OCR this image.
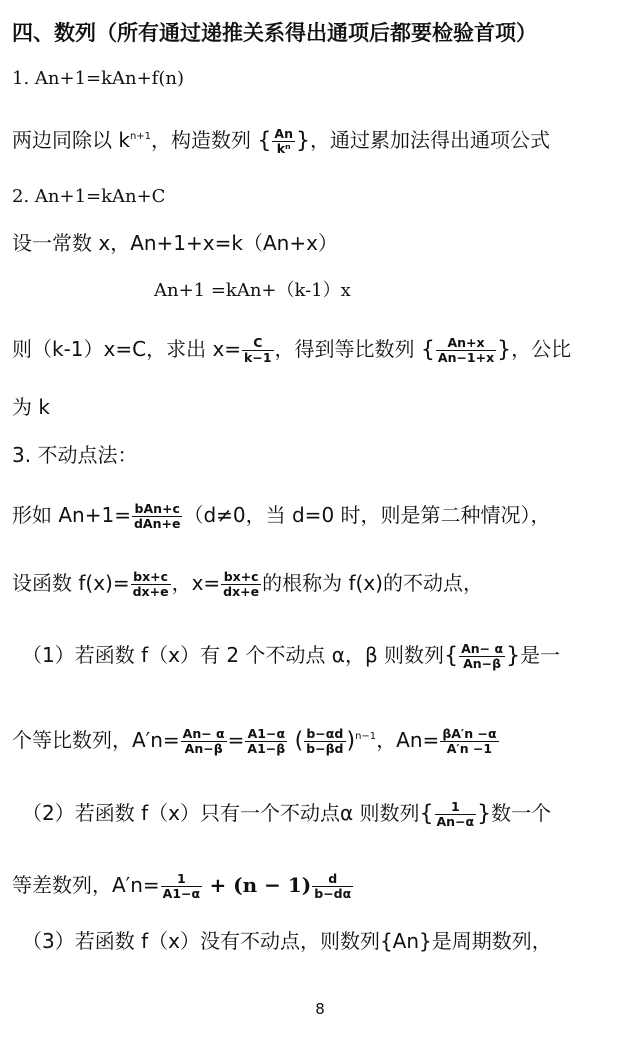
四、数列（所有通过递推关系得出通项后都要检验首项）
1. An+1=kAn+f(n)
两边同除以 $k^{n+1}$，构造数列 { $\frac{An}{\text{kⁿ}}$ }，通过累加法得出通项公式
2. An+1=kAn+C
设一常数 x，An+1+x=k（An+x）
An+1 =kAn+（k-1）x
则（k-1）x=C，求出 $x= \frac{C}{k-1}$ ，得到等比数列 { $\frac{An+x}{An-1+x}$ }，公比
为 k
3. 不动点法：
形如 $An+1= \frac{\text{bAn+c}}{\text{dAn+e}} (d\ne 0$，当 d=0 时，则是第二种情况），
设函数 $f(x)= \frac{bx+c}{dx+e}$ ，$x= \frac{bx+c}{dx+e}$ 的根称为 f(x)的不动点，
（1）若函数 f（x）有 2 个不动点 α，β 则数列{ $\frac{An- \alpha}{An-\beta}$ }是一
个等比数列，$A'n= \frac{An- \alpha}{An-\beta} = \frac{A1-\alpha}{A1-\beta}$ ( $\frac{b-\alpha d}{b-\beta d} )^{n-1}$，$An= \frac{\beta A'n -\alpha}{A'n -1}$
（2）若函数 f（x）只有一个不动点α 则数列{ $\frac{1}{An-\alpha}$ }数一个
等差数列，$A'n= \frac{1}{A1-\alpha} + (n - 1) \frac{d}{b-d\alpha}$
（3）若函数 f（x）没有不动点，则数列{An}是周期数列，
8
